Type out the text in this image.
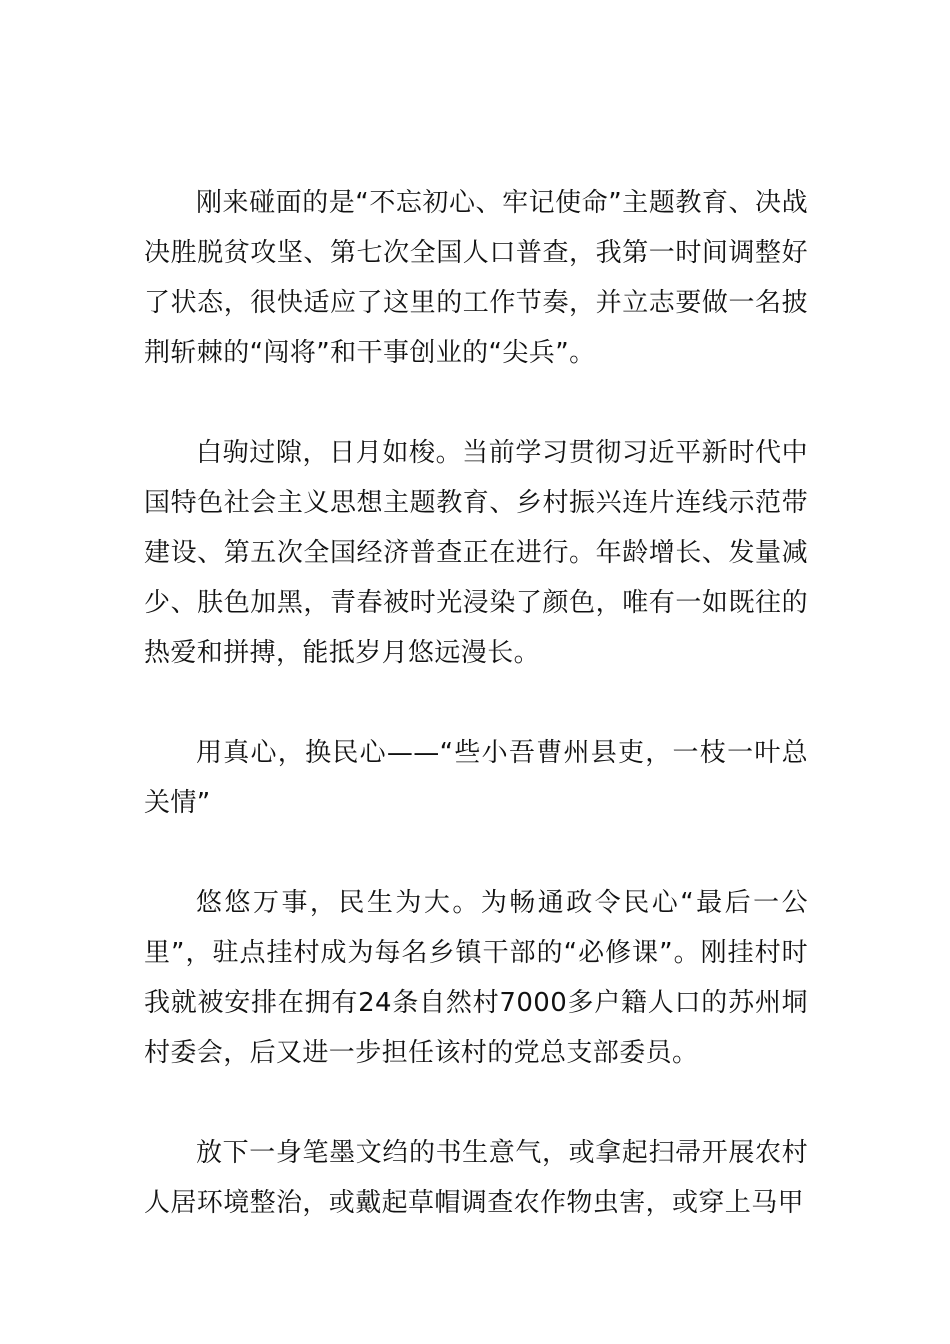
刚来碰面的是“不忘初心、牢记使命”主题教育、决战决胜脱贫攻坚、第七次全国人口普查，我第一时间调整好了状态，很快适应了这里的工作节奏，并立志要做一名披荆斩棘的“闯将”和干事创业的“尖兵”。

白驹过隙，日月如梭。当前学习贯彻习近平新时代中国特色社会主义思想主题教育、乡村振兴连片连线示范带建设、第五次全国经济普查正在进行。年龄增长、发量减少、肤色加黑，青春被时光浸染了颜色，唯有一如既往的热爱和拼搏，能抵岁月悠远漫长。

用真心，换民心——“些小吾曹州县吏，一枝一叶总关情”

悠悠万事，民生为大。为畅通政令民心“最后一公里”，驻点挂村成为每名乡镇干部的“必修课”。刚挂村时我就被安排在拥有24条自然村7000多户籍人口的苏州垌村委会，后又进一步担任该村的党总支部委员。

放下一身笔墨文绉的书生意气，或拿起扫帚开展农村人居环境整治，或戴起草帽调查农作物虫害，或穿上马甲
